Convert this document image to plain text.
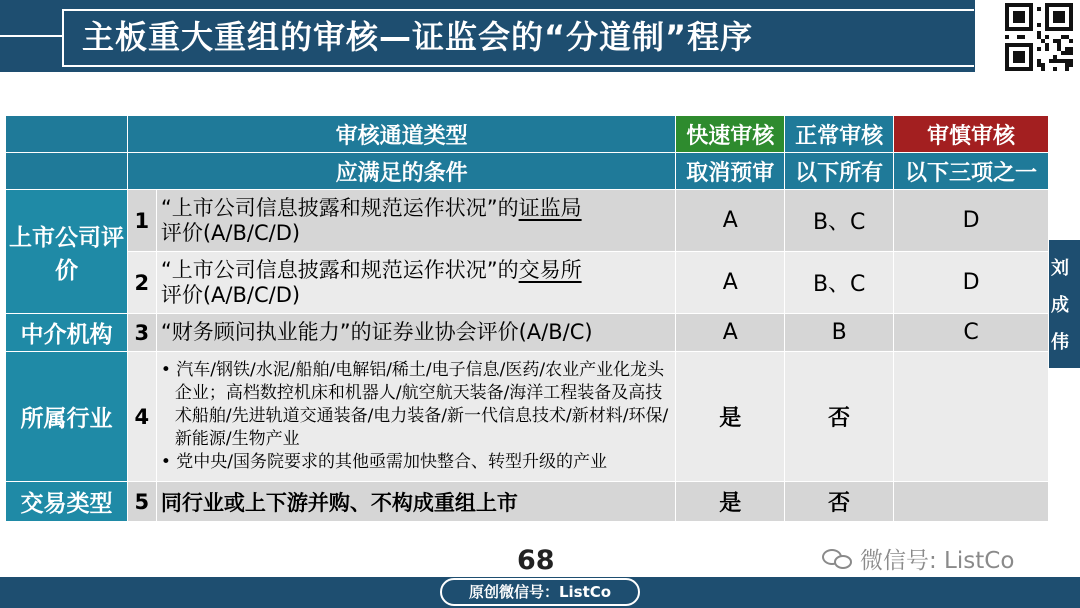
主板重大重组的审核—证监会的“分道制”程序
刘
成
伟
	审核通道类型		快速审核	正常审核	审慎审核
	应满足的条件		取消预审	以下所有	以下三项之一
上市公司评价	1	“上市公司信息披露和规范运作状况”的证监局
评价(A/B/C/D)	A	B、C	D
	2	“上市公司信息披露和规范运作状况”的交易所
评价(A/B/C/D)	A	B、C	D
中介机构	3	“财务顾问执业能力”的证券业协会评价(A/B/C)	A	B	C
所属行业	4	• 汽车/钢铁/水泥/船舶/电解铝/稀土/电子信息/医药/农业产业化龙头企业；高档数控机床和机器人/航空航天装备/海洋工程装备及高技术船舶/先进轨道交通装备/电力装备/新一代信息技术/新材料/环保/新能源/生物产业
• 党中央/国务院要求的其他亟需加快整合、转型升级的产业	是	否	
交易类型	5	同行业或上下游并购、不构成重组上市	是	否	
68	微信号: ListCo
原创微信号：ListCo
